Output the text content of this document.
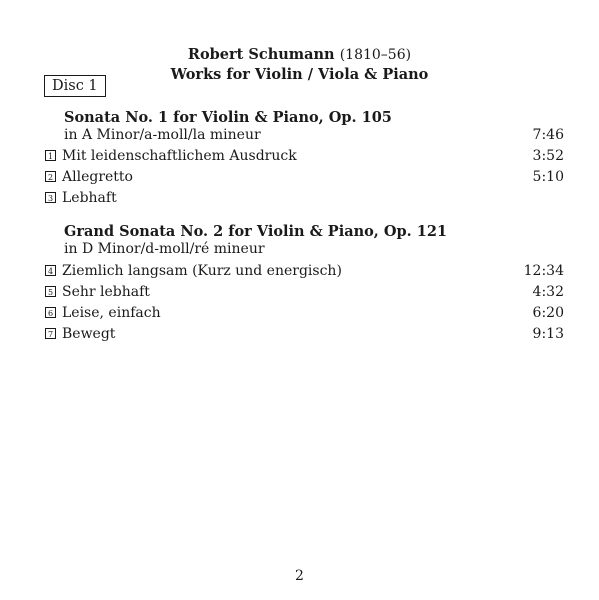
Robert Schumann (1810–56)
Works for Violin / Viola & Piano
Disc 1
Sonata No. 1 for Violin & Piano, Op. 105
in A Minor/a-moll/la mineur	7:46
1 Mit leidenschaftlichem Ausdruck	3:52
2 Allegretto	5:10
3 Lebhaft
Grand Sonata No. 2 for Violin & Piano, Op. 121
in D Minor/d-moll/ré mineur
4 Ziemlich langsam (Kurz und energisch)	12:34
5 Sehr lebhaft	4:32
6 Leise, einfach	6:20
7 Bewegt	9:13
2
